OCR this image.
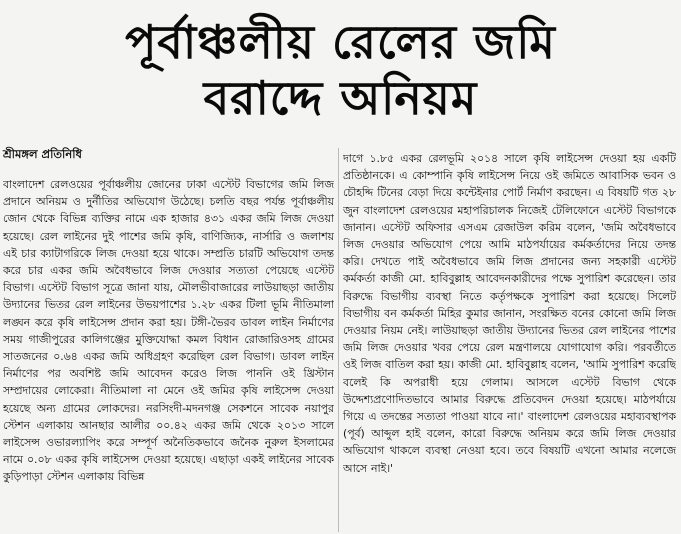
পূর্বাঞ্চলীয় রেলের জমি
বরাদ্দে অনিয়ম
শ্রীমঙ্গল প্রতিনিধি

বাংলাদেশ রেলওয়ের পূর্বাঞ্চলীয় জোনের ঢাকা এস্টেট বিভাগের জমি লিজ প্রদানে অনিয়ম ও দুর্নীতির অভিযোগ উঠেছে। চলতি বছর পর্যন্ত পূর্বাঞ্চলীয় জোন থেকে বিভিন্ন ব্যক্তির নামে এক হাজার ৪৩১ একর জমি লিজ দেওয়া হয়েছে। রেল লাইনের দুই পাশের জমি কৃষি, বাণিজ্যিক, নার্সারি ও জলাশয় এই চার ক্যাটাগরিকে লিজ দেওয়া হয়ে থাকে। সম্প্রতি চারটি অভিযোগ তদন্ত করে চার একর জমি অবৈধভাবে লিজ দেওয়ার সত্যতা পেয়েছে এস্টেট বিভাগ। এস্টেট বিভাগ সূত্রে জানা যায়, মৌলভীবাজারের লাউয়াছড়া জাতীয় উদ্যানের ভিতর রেল লাইনের উভয়পাশের ১.২৮ একর টিলা ভূমি নীতিমালা লঙ্ঘন করে কৃষি লাইসেন্স প্রদান করা হয়। টঙ্গী-ভৈরব ডাবল লাইন নির্মাণের সময় গাজীপুরের কালিগঞ্জের মুক্তিযোদ্ধা কমল বিধান রোজারিওসহ গ্রামের সাতজনের ০.৬৪ একর জমি অধিগ্রহণ করেছিল রেল বিভাগ। ডাবল লাইন নির্মাণের পর অবশিষ্ট জমি আবেদন করেও লিজ পাননি ওই খ্রিস্টান সম্প্রদায়ের লোকেরা। নীতিমালা না মেনে ওই জমির কৃষি লাইসেন্স দেওয়া হয়েছে অন্য গ্রামের লোকদের। নরসিংদী-মদনগঞ্জ সেকশনে সাবেক নয়াপুর স্টেশন এলাকায় আনছার আলীর ০০.৪২ একর জমি থেকে ২০১৩ সালে লাইসেন্স ওভারল্যাপিং করে সম্পূর্ণ অনৈতিকভাবে জনৈক নুরুল ইসলামের নামে ০.০৮ একর কৃষি লাইসেন্স দেওয়া হয়েছে। এছাড়া একই লাইনের সাবেক কুড়িপাড়া স্টেশন এলাকায় বিভিন্ন

দাগে ১.৮৫ একর রেলভূমি ২০১৪ সালে কৃষি লাইসেন্স দেওয়া হয় একটি প্রতিষ্ঠানকে। এ কোম্পানি কৃষি লাইসেন্স নিয়ে ওই জমিতে আবাসিক ভবন ও চৌহদ্দি টিনের বেড়া দিয়ে কন্টেইনার পোর্ট নির্মাণ করছেন। এ বিষয়টি গত ২৮ জুন বাংলাদেশ রেলওয়ের মহাপরিচালক নিজেই টেলিফোনে এস্টেট বিভাগকে জানান। এস্টেট অফিসার এসএম রেজাউল করিম বলেন, 'জমি অবৈধভাবে লিজ দেওয়ার অভিযোগ পেয়ে আমি মাঠপর্যায়ের কর্মকর্তাদের নিয়ে তদন্ত করি। দেখতে পাই অবৈধভাবে জমি লিজ প্রদানের জন্য সহকারী এস্টেট কর্মকর্তা কাজী মো. হাবিবুল্লাহ আবেদনকারীদের পক্ষে সুপারিশ করেছেন। তার বিরুদ্ধে বিভাগীয় ব্যবস্থা নিতে কর্তৃপক্ষকে সুপারিশ করা হয়েছে। সিলেট বিভাগীয় বন কর্মকর্তা মিহির কুমার জানান, সংরক্ষিত বনের কোনো জমি লিজ দেওয়ার নিয়ম নেই। লাউয়াছড়া জাতীয় উদ্যানের ভিতর রেল লাইনের পাশের জমি লিজ দেওয়ার খবর পেয়ে রেল মন্ত্রণালয়ে যোগাযোগ করি। পরবর্তীতে ওই লিজ বাতিল করা হয়। কাজী মো. হাবিবুল্লাহ বলেন, 'আমি সুপারিশ করেছি বলেই কি অপরাধী হয়ে গেলাম। আসলে এস্টেট বিভাগ থেকে উদ্দেশ্যপ্রণোদিতভাবে আমার বিরুদ্ধে প্রতিবেদন দেওয়া হয়েছে। মাঠপর্যায়ে গিয়ে এ তদন্তের সত্যতা পাওয়া যাবে না।' বাংলাদেশ রেলওয়ের মহাব্যবস্থাপক (পূর্ব) আব্দুল হাই বলেন, কারো বিরুদ্ধে অনিয়ম করে জমি লিজ দেওয়ার অভিযোগ থাকলে ব্যবস্থা নেওয়া হবে। তবে বিষয়টি এখনো আমার নলেজে আসে নাই।'
